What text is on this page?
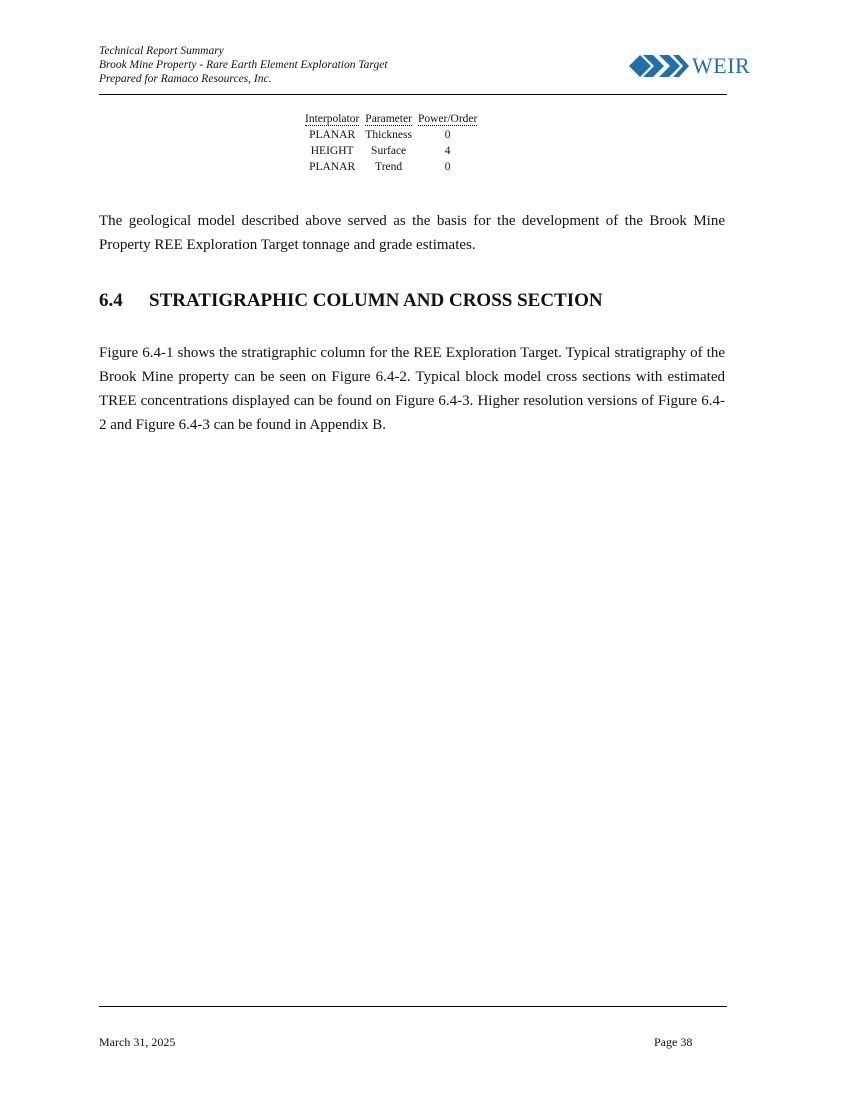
Technical Report Summary
Brook Mine Property - Rare Earth Element Exploration Target
Prepared for Ramaco Resources, Inc.
WEIR
Interpolator	Parameter	Power/Order
PLANAR	Thickness	0
HEIGHT	Surface	4
PLANAR	Trend	0

The geological model described above served as the basis for the development of the Brook Mine Property REE Exploration Target tonnage and grade estimates.

6.4 STRATIGRAPHIC COLUMN AND CROSS SECTION

Figure 6.4-1 shows the stratigraphic column for the REE Exploration Target. Typical stratigraphy of the Brook Mine property can be seen on Figure 6.4-2. Typical block model cross sections with estimated TREE concentrations displayed can be found on Figure 6.4-3. Higher resolution versions of Figure 6.4-2 and Figure 6.4-3 can be found in Appendix B.

March 31, 2025	Page 38
